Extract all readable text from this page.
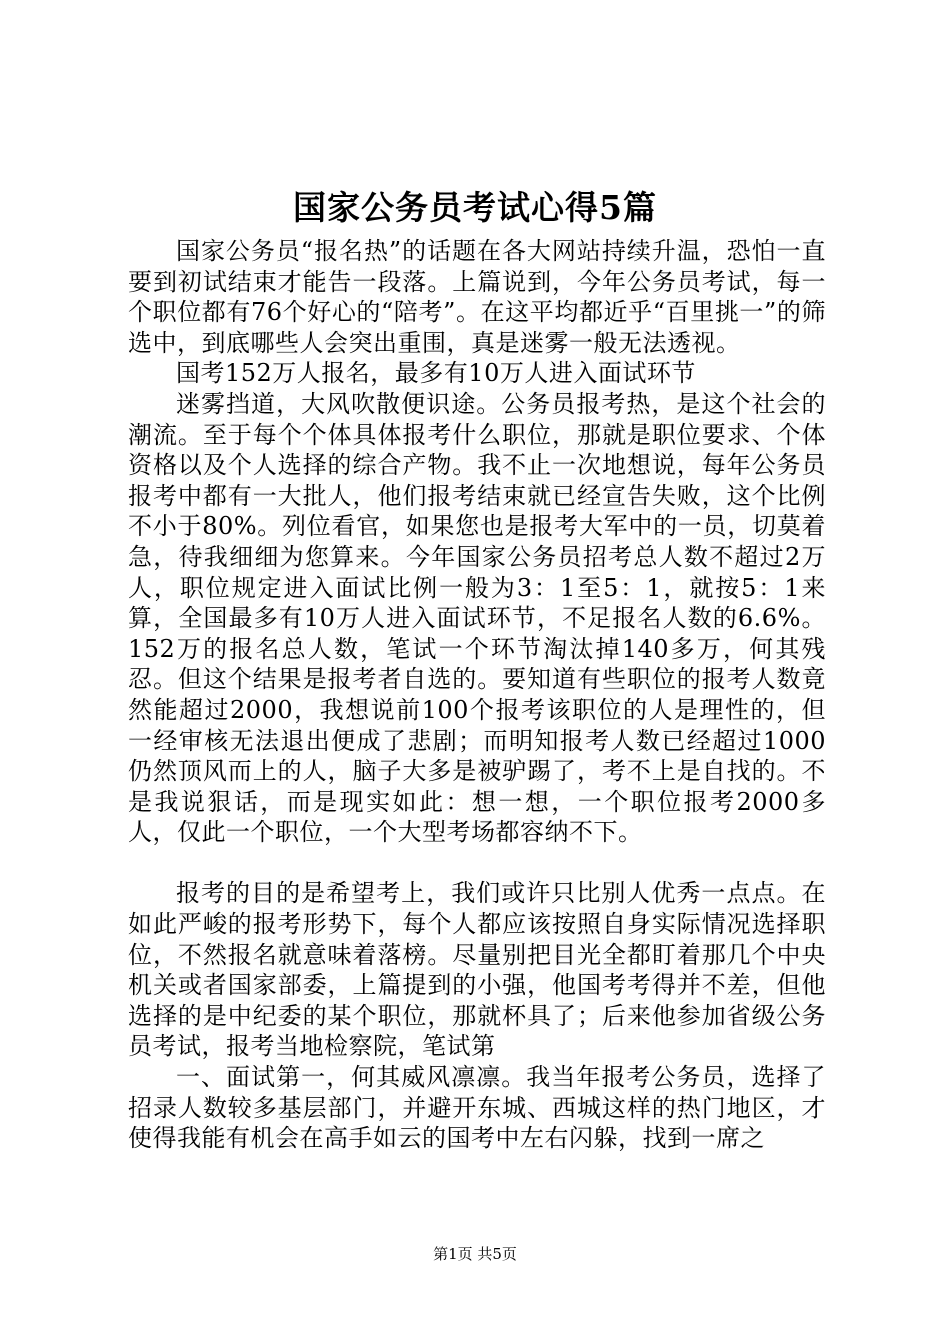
国家公务员考试心得5篇

国家公务员“报名热”的话题在各大网站持续升温，恐怕一直要到初试结束才能告一段落。上篇说到，今年公务员考试，每一个职位都有76个好心的“陪考”。在这平均都近乎“百里挑一”的筛选中，到底哪些人会突出重围，真是迷雾一般无法透视。

国考152万人报名，最多有10万人进入面试环节

迷雾挡道，大风吹散便识途。公务员报考热，是这个社会的潮流。至于每个个体具体报考什么职位，那就是职位要求、个体资格以及个人选择的综合产物。我不止一次地想说，每年公务员报考中都有一大批人，他们报考结束就已经宣告失败，这个比例不小于80%。列位看官，如果您也是报考大军中的一员，切莫着急，待我细细为您算来。今年国家公务员招考总人数不超过2万人，职位规定进入面试比例一般为3：1至5：1，就按5：1来算，全国最多有10万人进入面试环节，不足报名人数的6.6%。152万的报名总人数，笔试一个环节淘汰掉140多万，何其残忍。但这个结果是报考者自选的。要知道有些职位的报考人数竟然能超过2000，我想说前100个报考该职位的人是理性的，但一经审核无法退出便成了悲剧；而明知报考人数已经超过1000仍然顶风而上的人，脑子大多是被驴踢了，考不上是自找的。不是我说狠话，而是现实如此：想一想，一个职位报考2000多人，仅此一个职位，一个大型考场都容纳不下。

报考的目的是希望考上，我们或许只比别人优秀一点点。在如此严峻的报考形势下，每个人都应该按照自身实际情况选择职位，不然报名就意味着落榜。尽量别把目光全都盯着那几个中央机关或者国家部委，上篇提到的小强，他国考考得并不差，但他选择的是中纪委的某个职位，那就杯具了；后来他参加省级公务员考试，报考当地检察院，笔试第

一、面试第一，何其威风凛凛。我当年报考公务员，选择了招录人数较多基层部门，并避开东城、西城这样的热门地区，才使得我能有机会在高手如云的国考中左右闪躲，找到一席之

第1页 共5页
